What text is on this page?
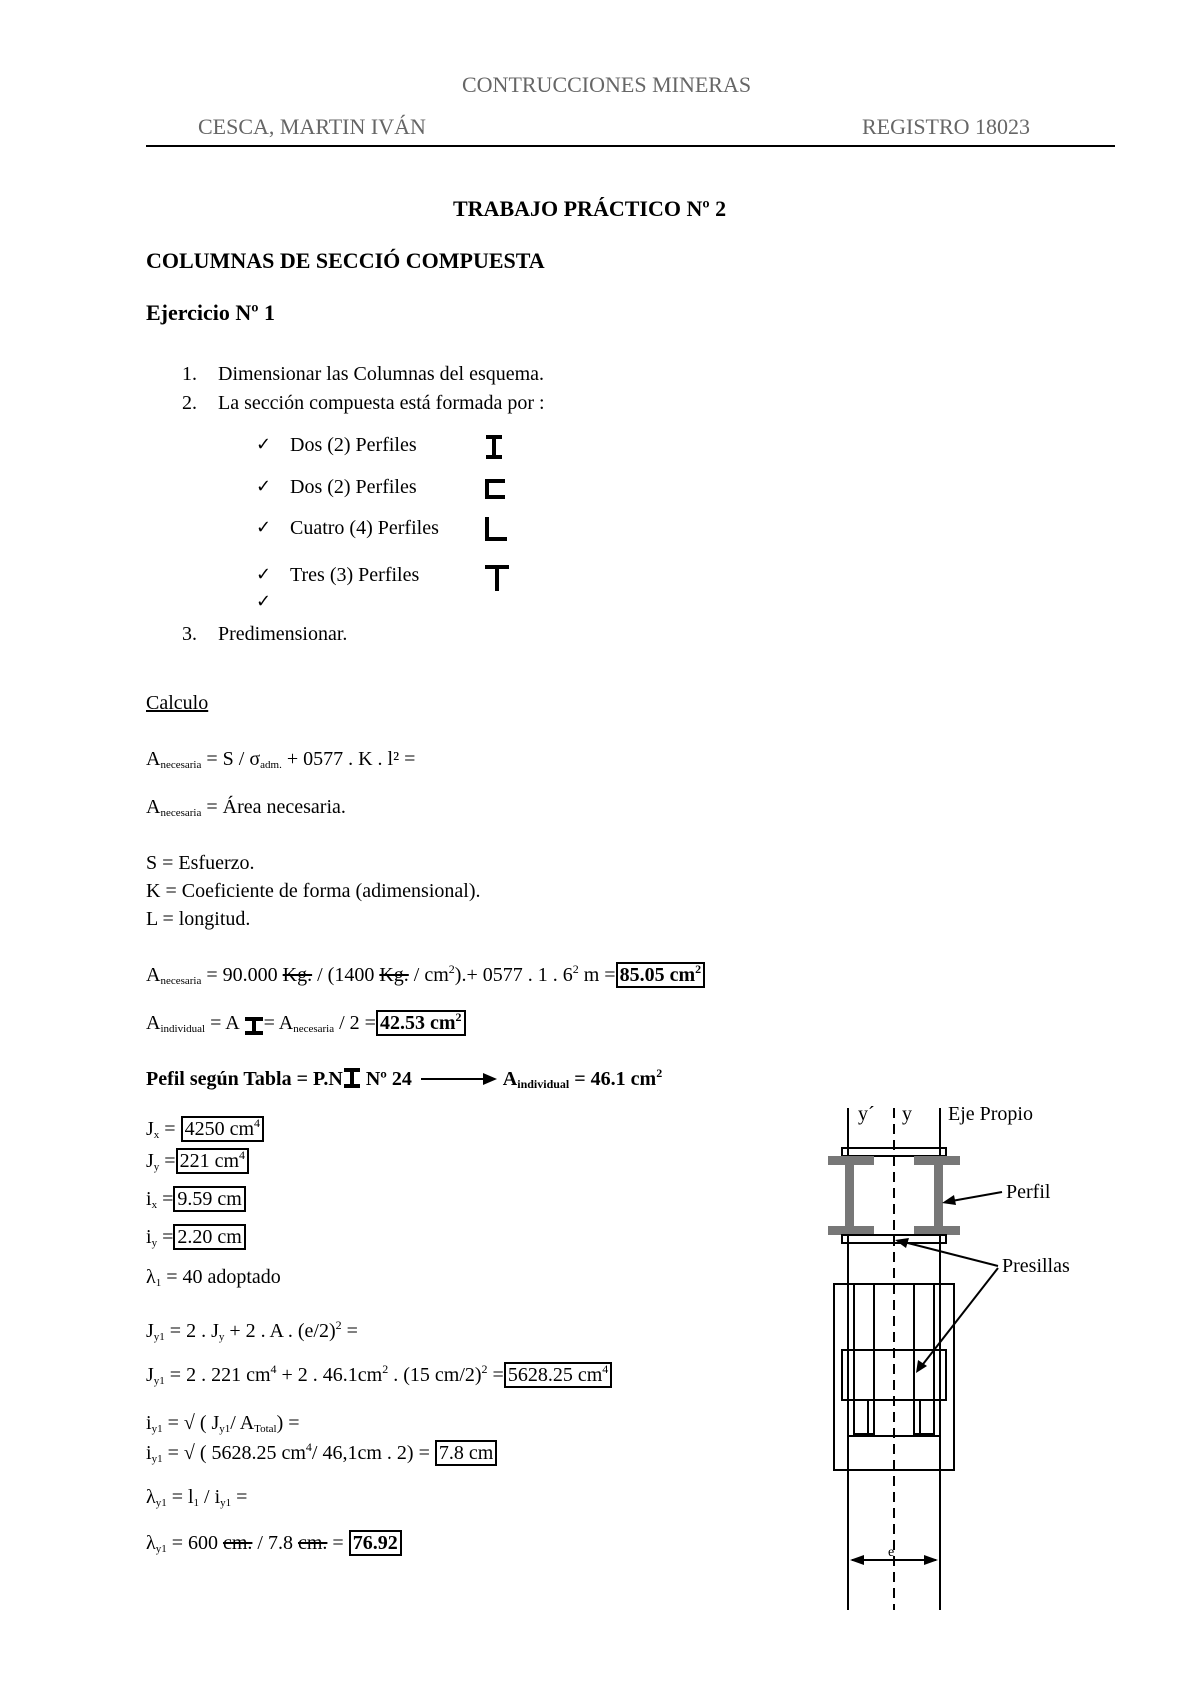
CONTRUCCIONES MINERAS
CESCA, MARTIN IVÁN	REGISTRO 18023
TRABAJO PRÁCTICO Nº 2
COLUMNAS DE SECCIÓ COMPUESTA
Ejercicio Nº 1
1. Dimensionar las Columnas del esquema.
2. La sección compuesta está formada por :
✓ Dos (2) Perfiles
✓ Dos (2) Perfiles
✓ Cuatro (4) Perfiles
✓ Tres (3) Perfiles
✓
3. Predimensionar.
Calculo
$A_{necesaria} = S / \sigma_{adm.} + 0577$ . K . l² =
$A_{necesaria}$ = Área necesaria.
S = Esfuerzo.
K = Coeficiente de forma (adimensional).
L = longitud.
$A_{necesaria} = 90.000$ Kg. / (1400 Kg. / $cm^2).+ 0577$ . 1 . $6^2$ m = 85.05 $cm^2$
$A_{individual} = A = A_{necesaria} / 2 = 42.53$ $cm^2$
Pefil según Tabla = P.N Nº 24	Aindividual = 46.1 $cm^2$
$J_x = 4250$ $cm^4$
$J_y = 221$ $cm^4$
$i_x = 9.59$ cm
$i_y = 2.20$ cm
$\lambda_1 = 40$ adoptado
$J_{y1} = 2$ . $J_y + 2$ . A . $(e/2)^2$ =
$J_{y1} = 2$ . 221 $cm^4 + 2$ . $46.1cm^2$ . (15 cm/2)$^2$ = 5628.25 $cm^4$
$i_{y1}$ = √ ( $J_{y1}/$ $A_{Total}$) =
$i_{y1}$ = √ ( 5628.25 $cm^4/$ 46,1cm . 2) = 7.8 cm
$\lambda_{y1} = l_1 / i_{y1}$ =
$\lambda_{y1} = 600$ cm. / 7.8 cm. = 76.92
y´ y Eje Propio
Perfil
Presillas
e
